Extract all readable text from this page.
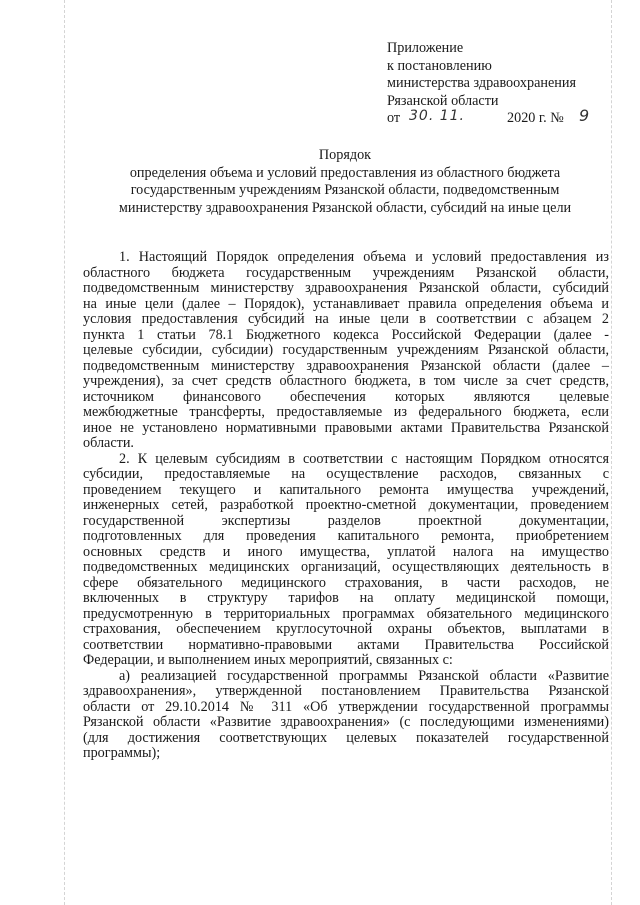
Приложение
к постановлению
министерства здравоохранения
Рязанской области
от 30. 11.	2020 г. № 9
Порядок
определения объема и условий предоставления из областного бюджета
государственным учреждениям Рязанской области, подведомственным
министерству здравоохранения Рязанской области, субсидий на иные цели
1. Настоящий Порядок определения объема и условий предоставления из
областного бюджета государственным учреждениям Рязанской области,
подведомственным министерству здравоохранения Рязанской области, субсидий
на иные цели (далее – Порядок), устанавливает правила определения объема и
условия предоставления субсидий на иные цели в соответствии с абзацем 2
пункта 1 статьи 78.1 Бюджетного кодекса Российской Федерации (далее -
целевые субсидии, субсидии) государственным учреждениям Рязанской области,
подведомственным министерству здравоохранения Рязанской области (далее –
учреждения), за счет средств областного бюджета, в том числе за счет средств,
источником финансового обеспечения которых являются целевые
межбюджетные трансферты, предоставляемые из федерального бюджета, если
иное не установлено нормативными правовыми актами Правительства Рязанской
области.
2. К целевым субсидиям в соответствии с настоящим Порядком относятся
субсидии, предоставляемые на осуществление расходов, связанных с
проведением текущего и капитального ремонта имущества учреждений,
инженерных сетей, разработкой проектно-сметной документации, проведением
государственной экспертизы разделов проектной документации,
подготовленных для проведения капитального ремонта, приобретением
основных средств и иного имущества, уплатой налога на имущество
подведомственных медицинских организаций, осуществляющих деятельность в
сфере обязательного медицинского страхования, в части расходов, не
включенных в структуру тарифов на оплату медицинской помощи,
предусмотренную в территориальных программах обязательного медицинского
страхования, обеспечением круглосуточной охраны объектов, выплатами в
соответствии нормативно-правовыми актами Правительства Российской
Федерации, и выполнением иных мероприятий, связанных с:
а) реализацией государственной программы Рязанской области «Развитие
здравоохранения», утвержденной постановлением Правительства Рязанской
области от 29.10.2014 № 311 «Об утверждении государственной программы
Рязанской области «Развитие здравоохранения» (с последующими изменениями)
(для достижения соответствующих целевых показателей государственной
программы);
